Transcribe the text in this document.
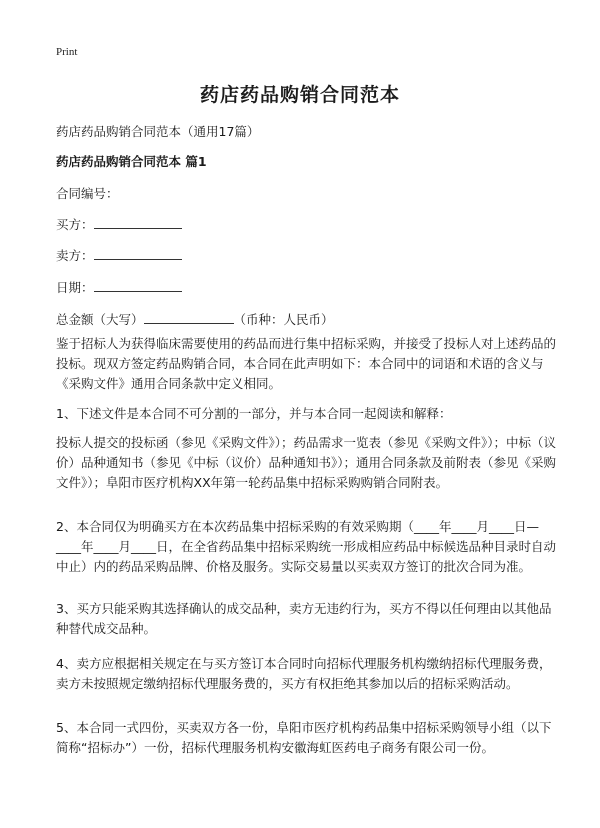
Print
药店药品购销合同范本
药店药品购销合同范本（通用17篇）
药店药品购销合同范本 篇1
合同编号：
买方：
卖方：
日期：
总金额（大写）	（币种：人民币）
鉴于招标人为获得临床需要使用的药品而进行集中招标采购，并接受了投标人对上述药品的投标。现双方签定药品购销合同，本合同在此声明如下：本合同中的词语和术语的含义与《采购文件》通用合同条款中定义相同。
1、下述文件是本合同不可分割的一部分，并与本合同一起阅读和解释：
投标人提交的投标函（参见《采购文件》）；药品需求一览表（参见《采购文件》）；中标（议价）品种通知书（参见《中标（议价）品种通知书》）；通用合同条款及前附表（参见《采购文件》）；阜阳市医疗机构XX年第一轮药品集中招标采购购销合同附表。
2、本合同仅为明确买方在本次药品集中招标采购的有效采购期（____年____月____日—____年____月____日，在全省药品集中招标采购统一形成相应药品中标候选品种目录时自动中止）内的药品采购品牌、价格及服务。实际交易量以买卖双方签订的批次合同为准。
3、买方只能采购其选择确认的成交品种，卖方无违约行为，买方不得以任何理由以其他品种替代成交品种。
4、卖方应根据相关规定在与买方签订本合同时向招标代理服务机构缴纳招标代理服务费，卖方未按照规定缴纳招标代理服务费的，买方有权拒绝其参加以后的招标采购活动。
5、本合同一式四份，买卖双方各一份，阜阳市医疗机构药品集中招标采购领导小组（以下简称“招标办”）一份，招标代理服务机构安徽海虹医药电子商务有限公司一份。
